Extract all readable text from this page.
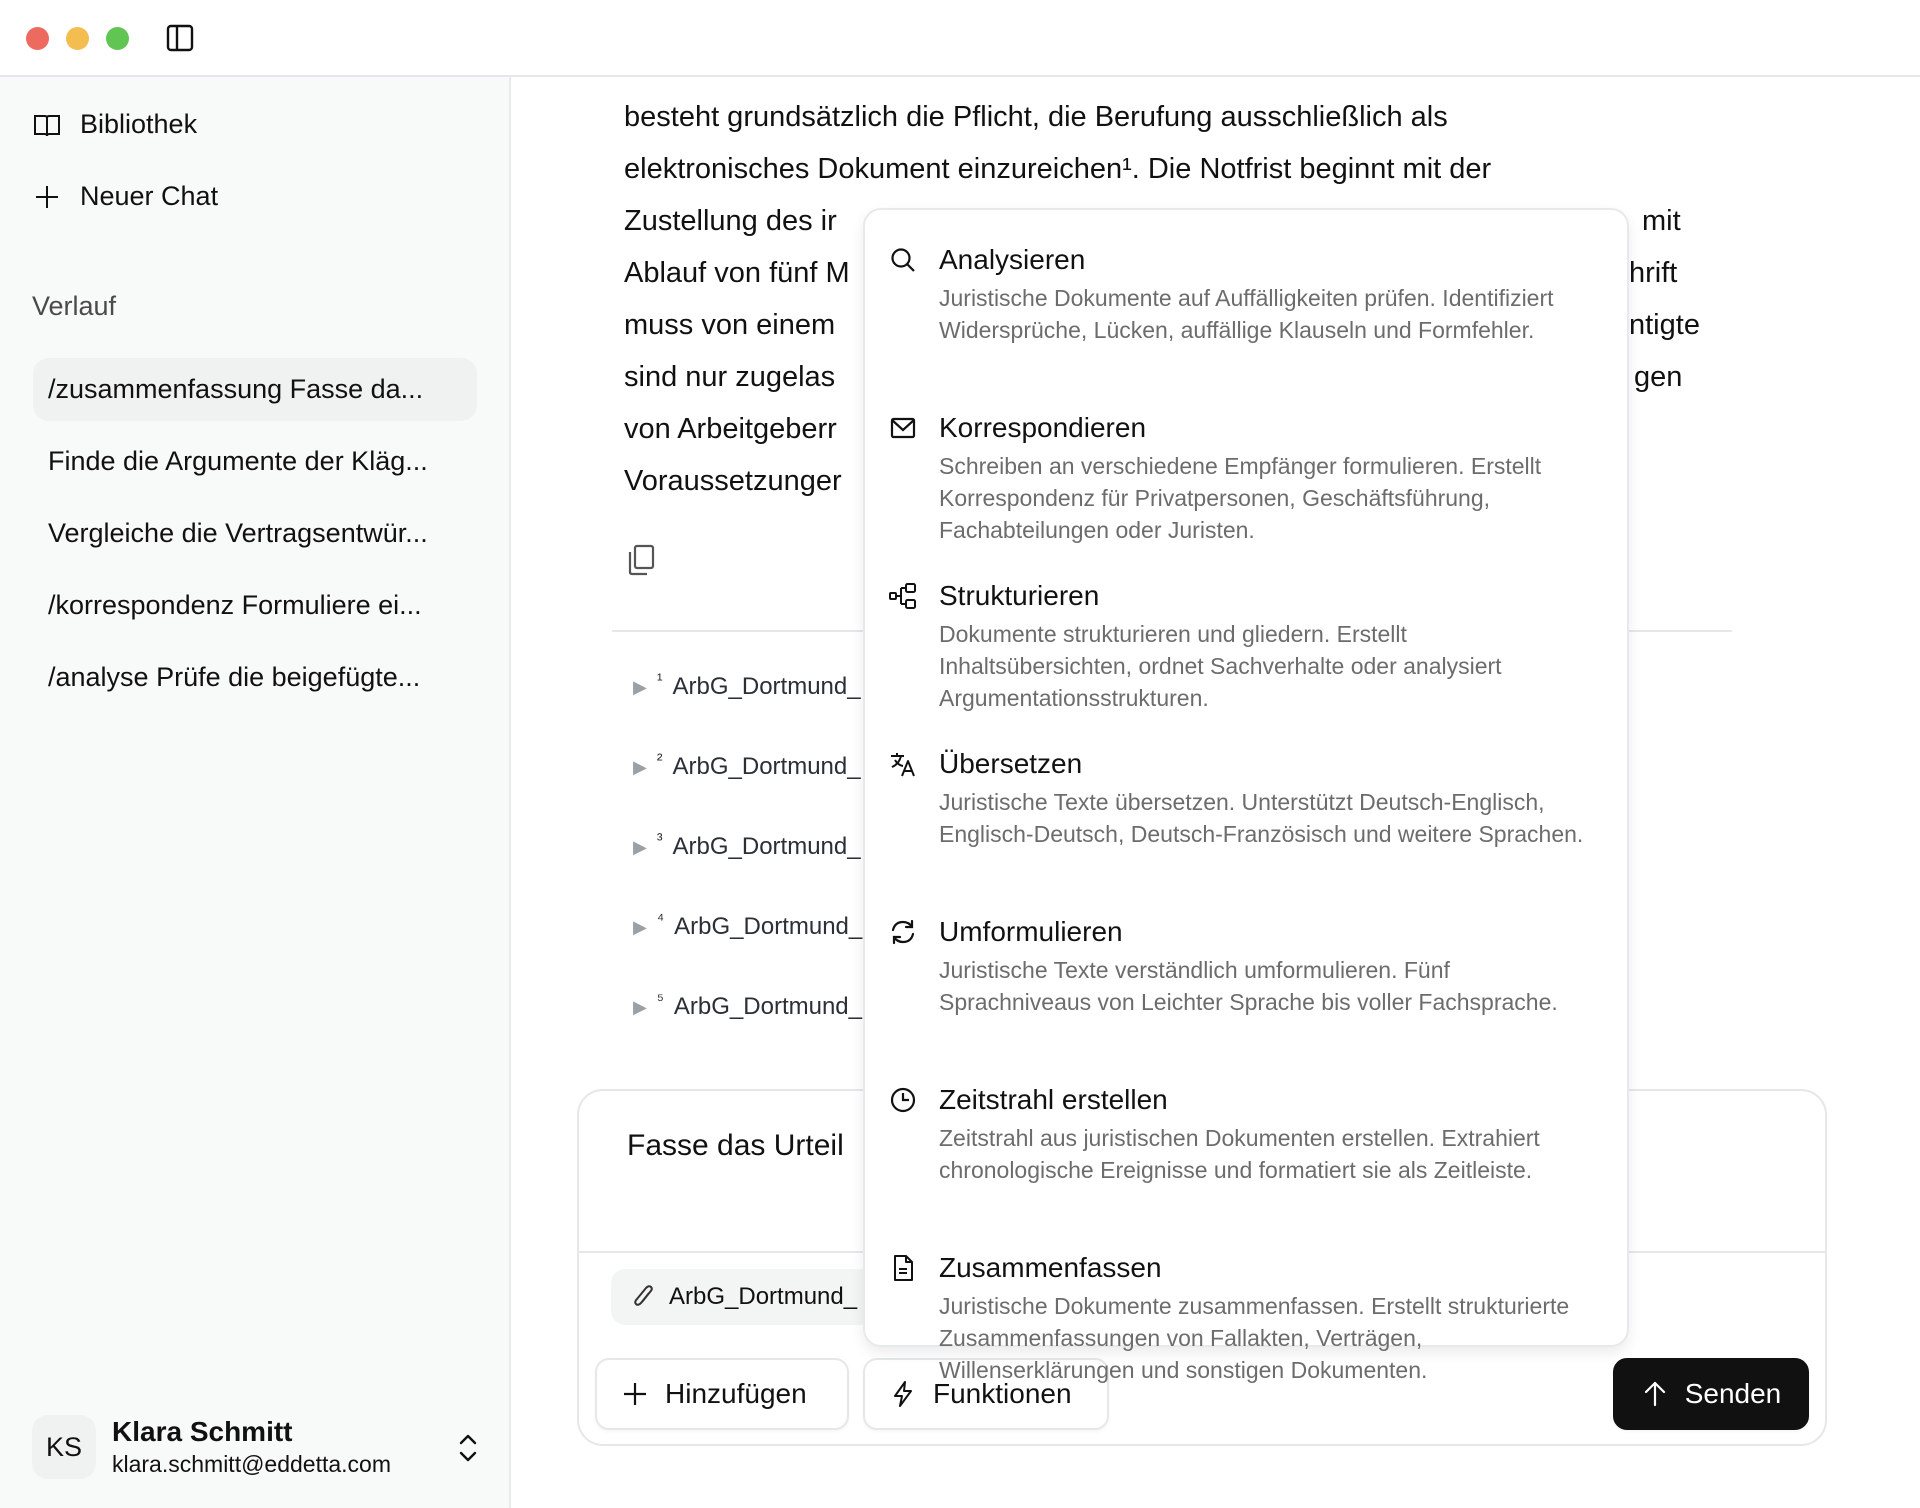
Bibliothek
Neuer Chat
Verlauf
/zusammenfassung Fasse da...
Finde die Argumente der Kläg...
Vergleiche die Vertragsentwür...
/korrespondenz Formuliere ei...
/analyse Prüfe die beigefügte...
KS	Klara Schmitt
klara.schmitt@eddetta.com
besteht grundsätzlich die Pflicht, die Berufung ausschließlich als
elektronisches Dokument einzureichen¹. Die Notfrist beginnt mit der
Zustellung des ir	mit
Ablauf von fünf M	hrift
muss von einem	ntigte
sind nur zugelas	gen
von Arbeitgeberr
Voraussetzunger
▶ ¹ ArbG_Dortmund_
▶ ² ArbG_Dortmund_
▶ ³ ArbG_Dortmund_
▶ ⁴ ArbG_Dortmund_
▶ ⁵ ArbG_Dortmund_
Fasse das Urteil
ArbG_Dortmund_
Hinzufügen	Funktionen	Senden
Analysieren
Juristische Dokumente auf Auffälligkeiten prüfen. Identifiziert Widersprüche, Lücken, auffällige Klauseln und Formfehler.
Korrespondieren
Schreiben an verschiedene Empfänger formulieren. Erstellt Korrespondenz für Privatpersonen, Geschäftsführung, Fachabteilungen oder Juristen.
Strukturieren
Dokumente strukturieren und gliedern. Erstellt Inhaltsübersichten, ordnet Sachverhalte oder analysiert Argumentationsstrukturen.
Übersetzen
Juristische Texte übersetzen. Unterstützt Deutsch-Englisch, Englisch-Deutsch, Deutsch-Französisch und weitere Sprachen.
Umformulieren
Juristische Texte verständlich umformulieren. Fünf Sprachniveaus von Leichter Sprache bis voller Fachsprache.
Zeitstrahl erstellen
Zeitstrahl aus juristischen Dokumenten erstellen. Extrahiert chronologische Ereignisse und formatiert sie als Zeitleiste.
Zusammenfassen
Juristische Dokumente zusammenfassen. Erstellt strukturierte Zusammenfassungen von Fallakten, Verträgen, Willenserklärungen und sonstigen Dokumenten.
